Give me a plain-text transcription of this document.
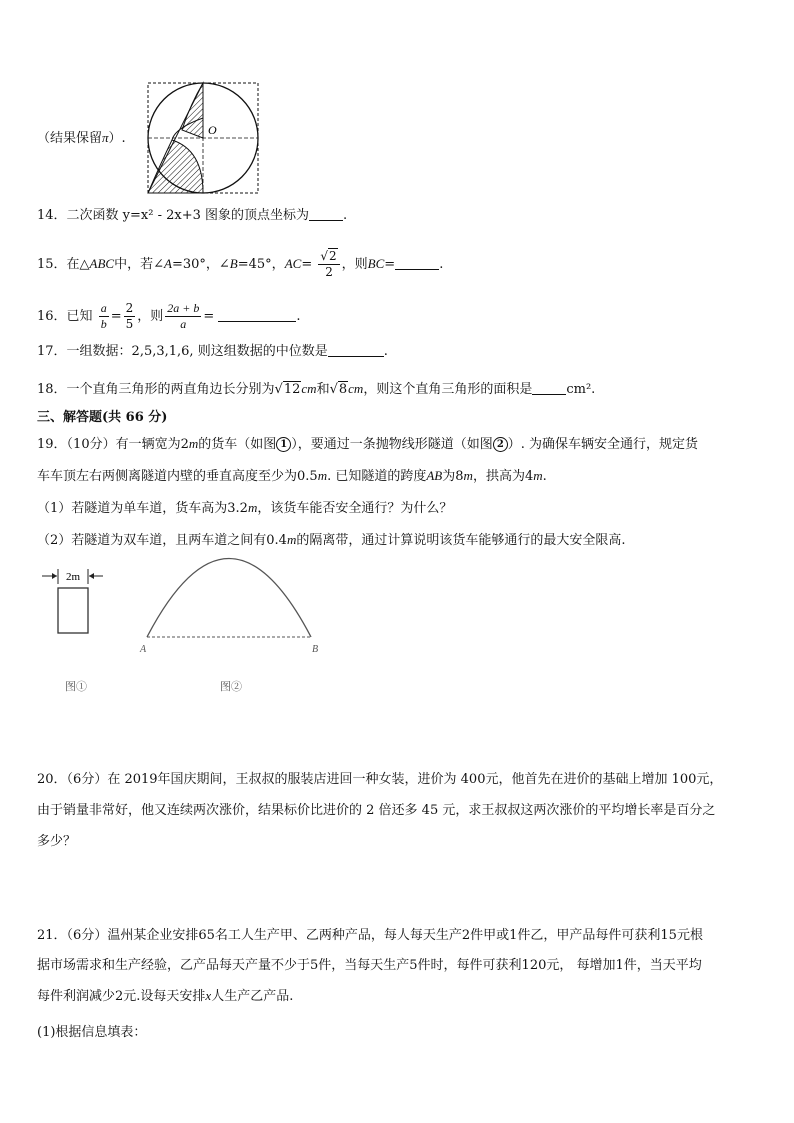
O
（结果保留π）.
14．二次函数 y=x² - 2x+3 图象的顶点坐标为	.
15．在△ABC中，若∠A=30°，∠B=45°，$AC= \frac{√2}{2}$ ，则BC=	.
16．已知 $\frac{a}{b} = \frac{2}{5}$ ，则 $\frac{2a + b}{a}$ =	.
17．一组数据：2,5,3,1,6, 则这组数据的中位数是	.
18．一个直角三角形的两直角边长分别为√12cm和√8cm，则这个直角三角形的面积是	cm².
三、解答题(共 66 分)
19．（10分）有一辆宽为2m的货车（如图 1 ），要通过一条抛物线形隧道（如图 2 ）. 为确保车辆安全通行，规定货
车车顶左右两侧离隧道内壁的垂直高度至少为0.5m. 已知隧道的跨度AB为8m，拱高为4m.
（1）若隧道为单车道，货车高为3.2m，该货车能否安全通行？为什么？
（2）若隧道为双车道，且两车道之间有0.4m的隔离带，通过计算说明该货车能够通行的最大安全限高.
2m
图①
A	B
图②
20．（6分）在 2019年国庆期间，王叔叔的服装店进回一种女装，进价为 400元，他首先在进价的基础上增加 100元，
由于销量非常好，他又连续两次涨价，结果标价比进价的 2 倍还多 45 元，求王叔叔这两次涨价的平均增长率是百分之
多少？
21．（6分）温州某企业安排65名工人生产甲、乙两种产品，每人每天生产2件甲或1件乙，甲产品每件可获利15元根
据市场需求和生产经验，乙产品每天产量不少于5件，当每天生产5件时，每件可获利120元， 每增加1件，当天平均
每件利润减少2元.设每天安排x人生产乙产品.
(1)根据信息填表：
